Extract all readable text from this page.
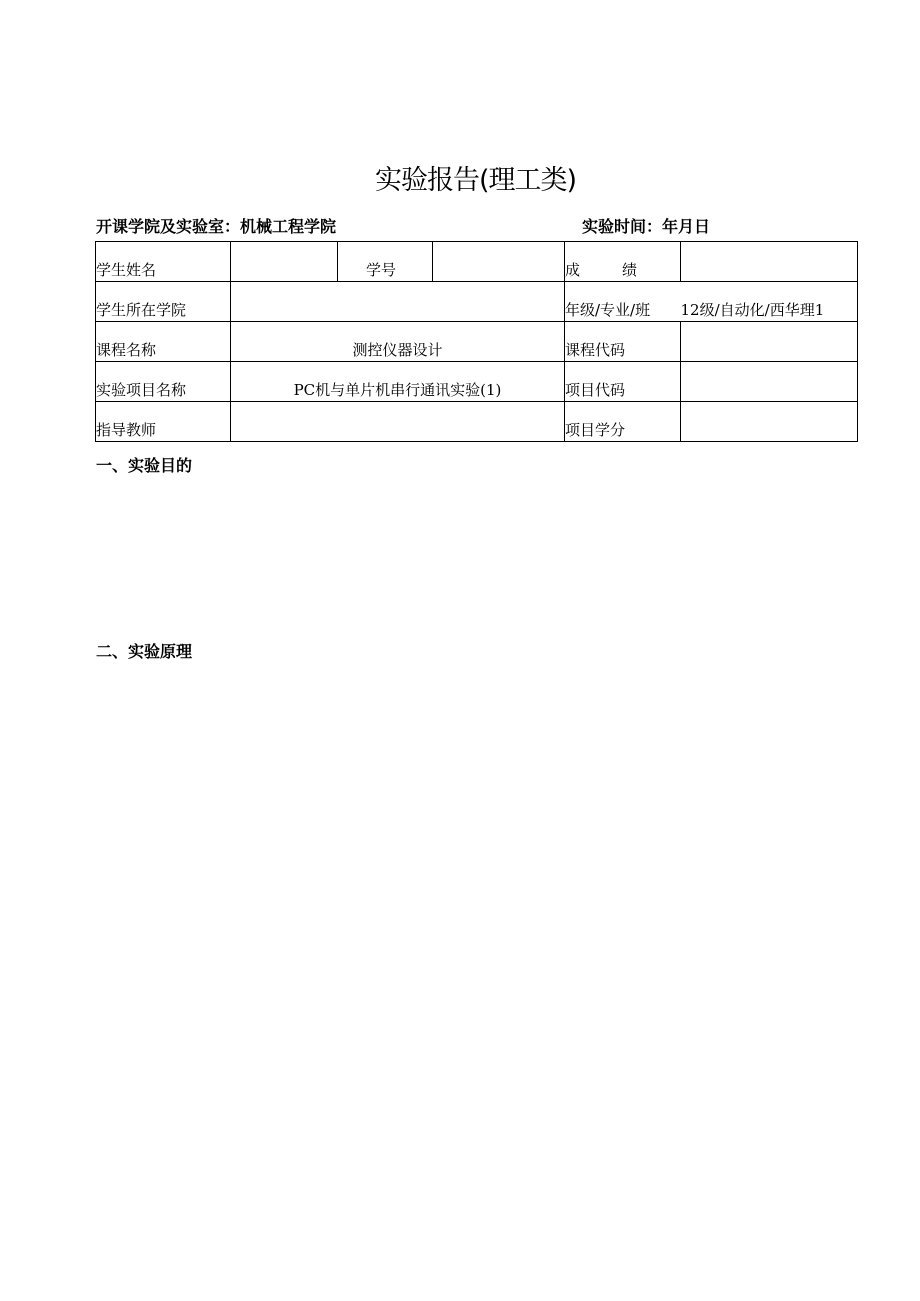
实验报告(理工类)
开课学院及实验室：机械工程学院	实验时间：年月日
学生姓名		学号		成 绩	
学生所在学院				年级/专业/班	12级/自动化/西华理1
课程名称	测控仪器设计			课程代码	
实验项目名称	PC机与单片机串行通讯实验(1)			项目代码	
指导教师				项目学分	
一、实验目的
二、实验原理
